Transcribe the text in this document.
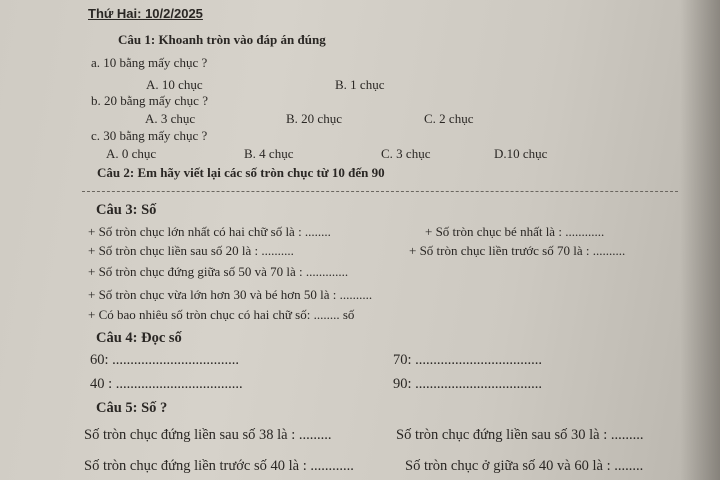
Thứ Hai: 10/2/2025
Câu 1: Khoanh tròn vào đáp án đúng
a. 10 bằng mấy chục ?
A. 10 chục	B. 1 chục
b. 20 bằng mấy chục ?
A. 3 chục	B. 20 chục	C. 2 chục
c. 30 bằng mấy chục ?
A. 0 chục	B. 4 chục	C. 3 chục	D.10 chục
Câu 2: Em hãy viết lại các số tròn chục từ 10 đến 90
Câu 3: Số
+ Số tròn chục lớn nhất có hai chữ số là : ........	+ Số tròn chục bé nhất là : ............
+ Số tròn chục liền sau số 20 là : ..........	+ Số tròn chục liền trước số 70 là : ..........
+ Số tròn chục đứng giữa số 50 và 70 là : .............
+ Số tròn chục vừa lớn hơn 30 và bé hơn 50 là : ..........
+ Có bao nhiêu số tròn chục có hai chữ số: ........ số
Câu 4: Đọc số
60: ...................................	70: ...................................
40 : ...................................	90: ...................................
Câu 5: Số ?
Số tròn chục đứng liền sau số 38 là : .........	Số tròn chục đứng liền sau số 30 là : .........
Số tròn chục đứng liền trước số 40 là : ............	Số tròn chục ở giữa số 40 và 60 là : ........
